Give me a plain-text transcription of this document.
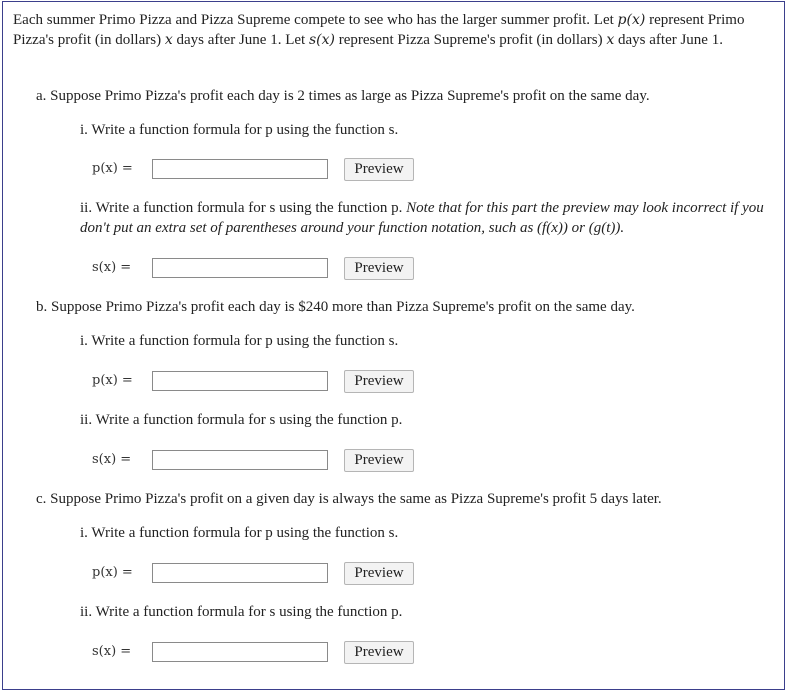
Each summer Primo Pizza and Pizza Supreme compete to see who has the larger summer profit. Let p(x) represent Primo Pizza's profit (in dollars) x days after June 1. Let s(x) represent Pizza Supreme's profit (in dollars) x days after June 1.
a. Suppose Primo Pizza's profit each day is 2 times as large as Pizza Supreme's profit on the same day.
i. Write a function formula for p using the function s.
p(x) =	Preview
ii. Write a function formula for s using the function p. Note that for this part the preview may look incorrect if you don't put an extra set of parentheses around your function notation, such as (f(x)) or (g(t)).
s(x) =	Preview
b. Suppose Primo Pizza's profit each day is $240 more than Pizza Supreme's profit on the same day.
i. Write a function formula for p using the function s.
p(x) =	Preview
ii. Write a function formula for s using the function p.
s(x) =	Preview
c. Suppose Primo Pizza's profit on a given day is always the same as Pizza Supreme's profit 5 days later.
i. Write a function formula for p using the function s.
p(x) =	Preview
ii. Write a function formula for s using the function p.
s(x) =	Preview
